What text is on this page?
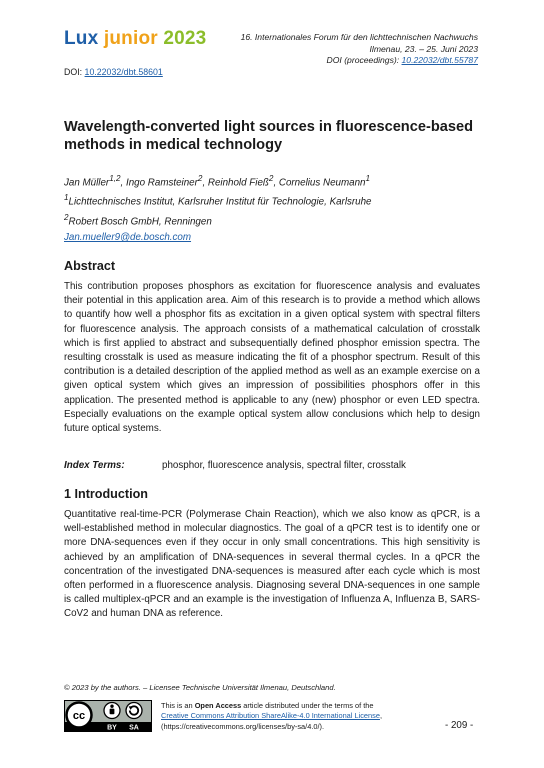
Lux junior 2023	16. Internationales Forum für den lichttechnischen Nachwuchs
Ilmenau, 23. – 25. Juni 2023
DOI (proceedings): 10.22032/dbt.55787
DOI: 10.22032/dbt.58601
Wavelength-converted light sources in fluorescence-based methods in medical technology
Jan Müller$^{1,2}$, Ingo Ramsteiner$^2$, Reinhold Fieß$^2$, Cornelius Neumann$^1$
$^1$Lichttechnisches Institut, Karlsruher Institut für Technologie, Karlsruhe
$^2$Robert Bosch GmbH, Renningen
Jan.mueller9@de.bosch.com
Abstract
This contribution proposes phosphors as excitation for fluorescence analysis and evaluates their potential in this application area. Aim of this research is to provide a method which allows to quantify how well a phosphor fits as excitation in a given optical system with spectral filters for fluorescence analysis. The approach consists of a mathematical calculation of crosstalk which is first applied to abstract and subsequentially defined phosphor emission spectra. The resulting crosstalk is used as measure indicating the fit of a phosphor spectrum. Result of this contribution is a detailed description of the applied method as well as an example exercise on a given optical system which gives an impression of possibilities phosphors offer in this application. The presented method is applicable to any (new) phosphor or even LED spectra. Especially evaluations on the example optical system allow conclusions which help to design future optical systems.
Index Terms:	phosphor, fluorescence analysis, spectral filter, crosstalk
1 Introduction
Quantitative real-time-PCR (Polymerase Chain Reaction), which we also know as qPCR, is a well-established method in molecular diagnostics. The goal of a qPCR test is to identify one or more DNA-sequences even if they occur in only small concentrations. This high sensitivity is achieved by an amplification of DNA-sequences in several thermal cycles. In a qPCR the concentration of the investigated DNA-sequences is measured after each cycle which is most often performed in a fluorescence analysis. Diagnosing several DNA-sequences in one sample is called multiplex-qPCR and an example is the investigation of Influenza A, Influenza B, SARS-CoV2 and human DNA as reference.
© 2023 by the authors. – Licensee Technische Universität Ilmenau, Deutschland.
cc
BY SA
This is an Open Access article distributed under the terms of the
Creative Commons Attribution ShareAlike-4.0 International License,
(https://creativecommons.org/licenses/by-sa/4.0/).	- 209 -
